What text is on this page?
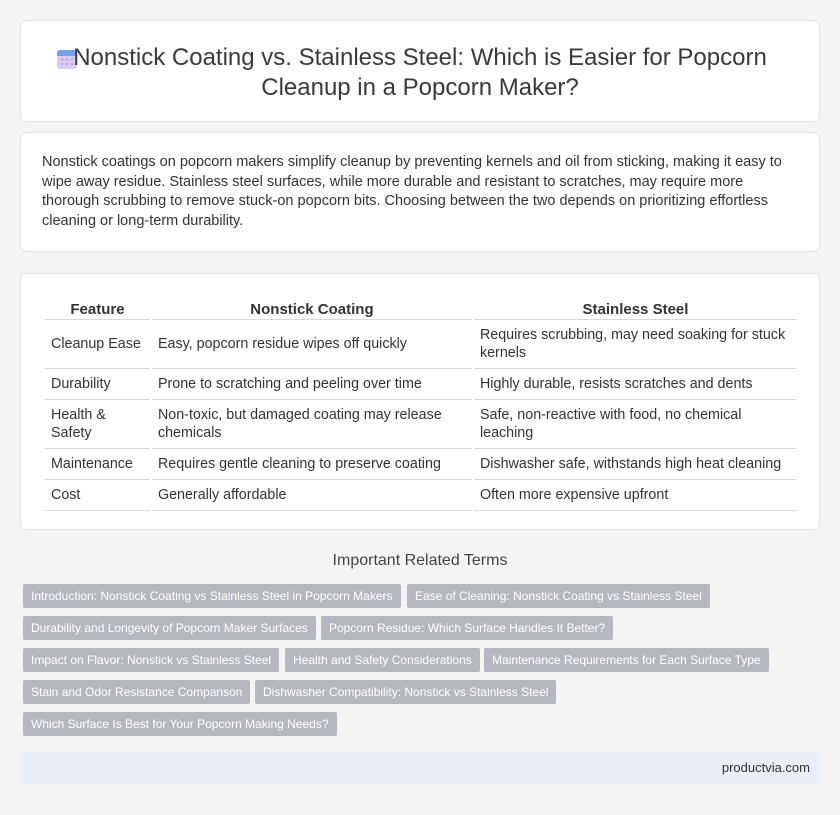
Nonstick Coating vs. Stainless Steel: Which is Easier for Popcorn Cleanup in a Popcorn Maker?

Nonstick coatings on popcorn makers simplify cleanup by preventing kernels and oil from sticking, making it easy to wipe away residue. Stainless steel surfaces, while more durable and resistant to scratches, may require more thorough scrubbing to remove stuck-on popcorn bits. Choosing between the two depends on prioritizing effortless cleaning or long-term durability.

Feature	Nonstick Coating	Stainless Steel
Cleanup Ease	Easy, popcorn residue wipes off quickly	Requires scrubbing, may need soaking for stuck kernels
Durability	Prone to scratching and peeling over time	Highly durable, resists scratches and dents
Health & Safety	Non-toxic, but damaged coating may release chemicals	Safe, non-reactive with food, no chemical leaching
Maintenance	Requires gentle cleaning to preserve coating	Dishwasher safe, withstands high heat cleaning
Cost	Generally affordable	Often more expensive upfront
Important Related Terms
Introduction: Nonstick Coating vs Stainless Steel in Popcorn Makers	Ease of Cleaning: Nonstick Coating vs Stainless Steel
Durability and Longevity of Popcorn Maker Surfaces	Popcorn Residue: Which Surface Handles It Better?
Impact on Flavor: Nonstick vs Stainless Steel	Health and Safety Considerations	Maintenance Requirements for Each Surface Type
Stain and Odor Resistance Comparison	Dishwasher Compatibility: Nonstick vs Stainless Steel
Which Surface Is Best for Your Popcorn Making Needs?
productvia.com
